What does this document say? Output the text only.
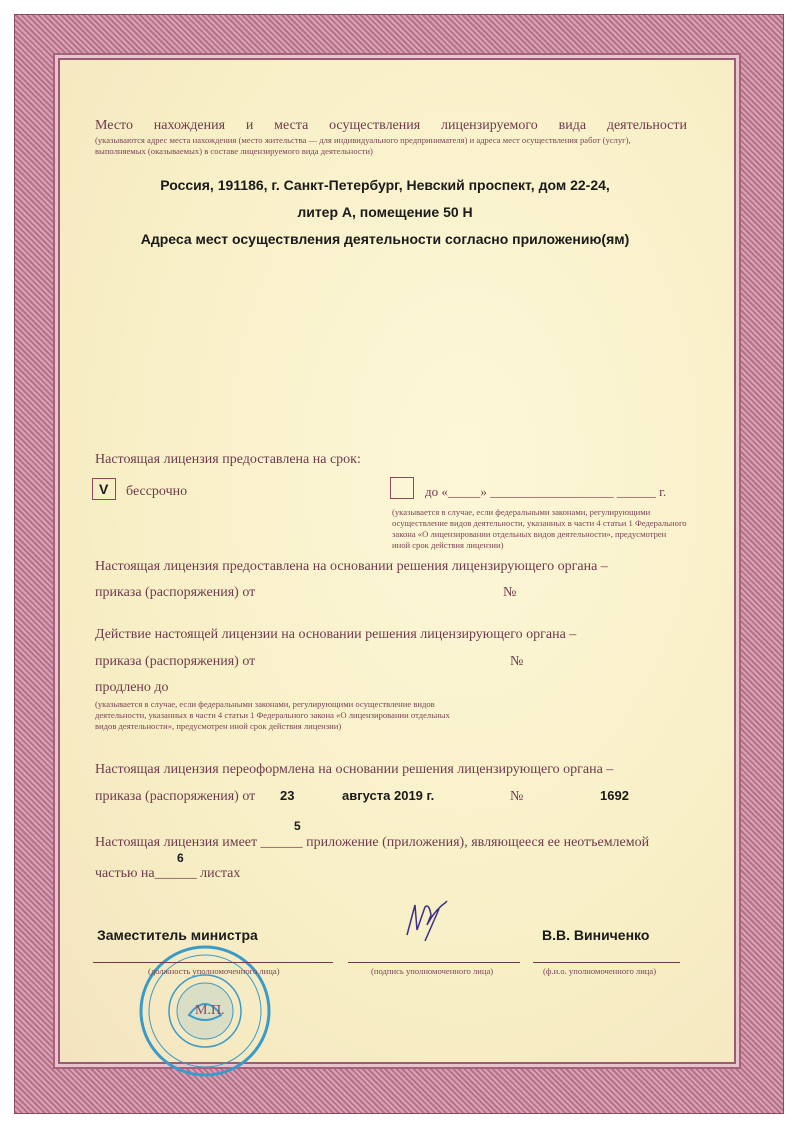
Место нахождения и места осуществления лицензируемого вида деятельности
(указываются адрес места нахождения (место жительства — для индивидуального предпринимателя) и адреса мест осуществления работ (услуг),
выполняемых (оказываемых) в составе лицензируемого вида деятельности)
Россия, 191186, г. Санкт-Петербург, Невский проспект, дом 22-24,
литер А, помещение 50 Н
Адреса мест осуществления деятельности согласно приложению(ям)
Настоящая лицензия предоставлена на срок:
V бессрочно	до «_____» ___________________ ______ г.
(указывается в случае, если федеральными законами, регулирующими
осуществление видов деятельности, указанных в части 4 статьи 1 Федерального
закона «О лицензировании отдельных видов деятельности», предусмотрен
иной срок действия лицензии)
Настоящая лицензия предоставлена на основании решения лицензирующего органа –
приказа (распоряжения) от	№
Действие настоящей лицензии на основании решения лицензирующего органа –
приказа (распоряжения) от	№
продлено до
(указывается в случае, если федеральными законами, регулирующими осуществление видов
деятельности, указанных в части 4 статьи 1 Федерального закона «О лицензировании отдельных
видов деятельности», предусмотрен иной срок действия лицензии)
Настоящая лицензия переоформлена на основании решения лицензирующего органа –
приказа (распоряжения) от 23	августа 2019 г.	№	1692
5
Настоящая лицензия имеет ______ приложение (приложения), являющееся ее неотъемлемой
6
частью на______ листах
М.П.
Заместитель министра	В.В. Виниченко
(должность уполномоченного лица)	(подпись уполномоченного лица)	(ф.и.о. уполномоченного лица)
